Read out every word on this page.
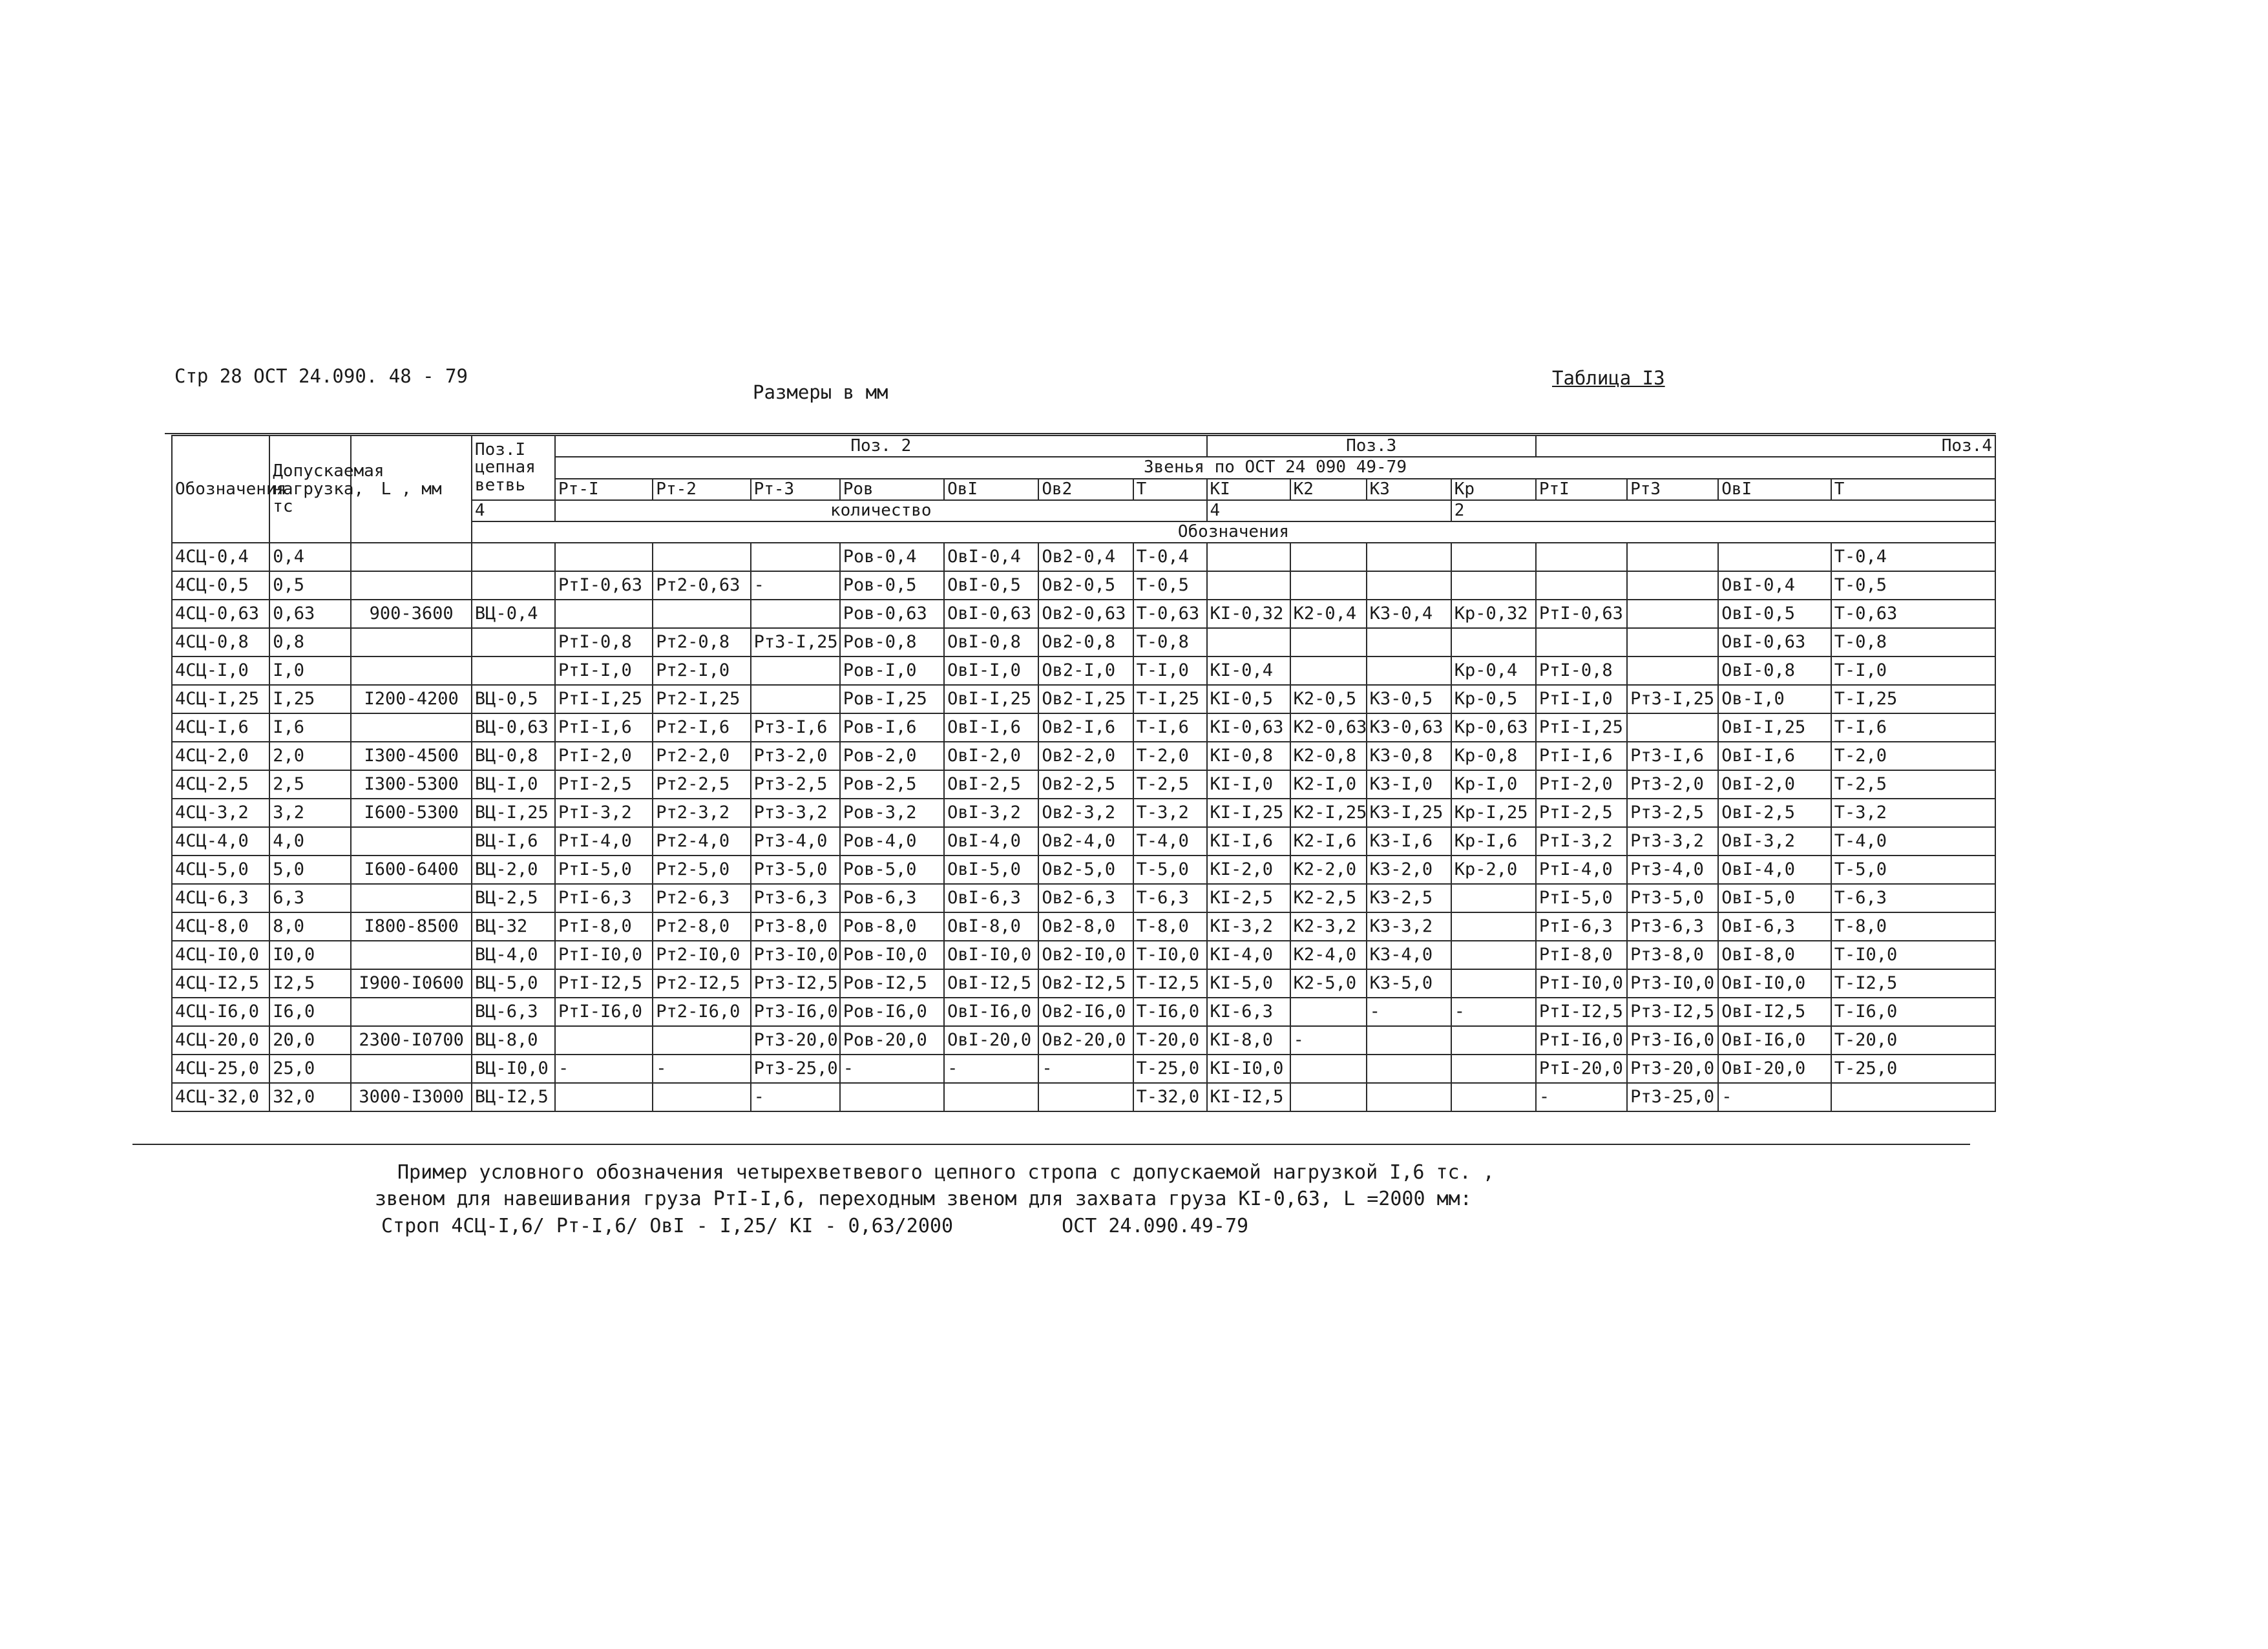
Стр 28 ОСТ 24.090. 48 - 79
Размеры в мм
Таблица I3
Обозначения	Допускаемая нагрузка, тс	L , мм	Поз.I цепная ветвь	Поз. 2							Поз.3				Поз.4			
				Звенья по ОСТ 24 090 49-79														
				Рт-I	Рт-2	Рт-3	Ров	ОвI	Ов2	Т	КI	К2	К3	Кр	РтI	Рт3	ОвI	Т
			4	количество							4			2				
			Обозначения															
4СЦ-0,4	0,4						Ров-0,4	ОвI-0,4	Ов2-0,4	Т-0,4								Т-0,4
4СЦ-0,5	0,5			РтI-0,63	Рт2-0,63	-	Ров-0,5	ОвI-0,5	Ов2-0,5	Т-0,5							ОвI-0,4	Т-0,5
4СЦ-0,63	0,63	900-3600	ВЦ-0,4				Ров-0,63	ОвI-0,63	Ов2-0,63	Т-0,63	КI-0,32	К2-0,4	К3-0,4	Кр-0,32	РтI-0,63		ОвI-0,5	Т-0,63
4СЦ-0,8	0,8			РтI-0,8	Рт2-0,8	Рт3-I,25	Ров-0,8	ОвI-0,8	Ов2-0,8	Т-0,8							ОвI-0,63	Т-0,8
4СЦ-I,0	I,0			РтI-I,0	Рт2-I,0		Ров-I,0	ОвI-I,0	Ов2-I,0	Т-I,0	КI-0,4			Кр-0,4	РтI-0,8		ОвI-0,8	Т-I,0
4СЦ-I,25	I,25	I200-4200	ВЦ-0,5	РтI-I,25	Рт2-I,25		Ров-I,25	ОвI-I,25	Ов2-I,25	Т-I,25	КI-0,5	К2-0,5	К3-0,5	Кр-0,5	РтI-I,0	Рт3-I,25	Ов-I,0	Т-I,25
4СЦ-I,6	I,6		ВЦ-0,63	РтI-I,6	Рт2-I,6	Рт3-I,6	Ров-I,6	ОвI-I,6	Ов2-I,6	Т-I,6	КI-0,63	К2-0,63	К3-0,63	Кр-0,63	РтI-I,25		ОвI-I,25	Т-I,6
4СЦ-2,0	2,0	I300-4500	ВЦ-0,8	РтI-2,0	Рт2-2,0	Рт3-2,0	Ров-2,0	ОвI-2,0	Ов2-2,0	Т-2,0	КI-0,8	К2-0,8	К3-0,8	Кр-0,8	РтI-I,6	Рт3-I,6	ОвI-I,6	Т-2,0
4СЦ-2,5	2,5	I300-5300	ВЦ-I,0	РтI-2,5	Рт2-2,5	Рт3-2,5	Ров-2,5	ОвI-2,5	Ов2-2,5	Т-2,5	КI-I,0	К2-I,0	К3-I,0	Кр-I,0	РтI-2,0	Рт3-2,0	ОвI-2,0	Т-2,5
4СЦ-3,2	3,2	I600-5300	ВЦ-I,25	РтI-3,2	Рт2-3,2	Рт3-3,2	Ров-3,2	ОвI-3,2	Ов2-3,2	Т-3,2	КI-I,25	К2-I,25	К3-I,25	Кр-I,25	РтI-2,5	Рт3-2,5	ОвI-2,5	Т-3,2
4СЦ-4,0	4,0		ВЦ-I,6	РтI-4,0	Рт2-4,0	Рт3-4,0	Ров-4,0	ОвI-4,0	Ов2-4,0	Т-4,0	КI-I,6	К2-I,6	К3-I,6	Кр-I,6	РтI-3,2	Рт3-3,2	ОвI-3,2	Т-4,0
4СЦ-5,0	5,0	I600-6400	ВЦ-2,0	РтI-5,0	Рт2-5,0	Рт3-5,0	Ров-5,0	ОвI-5,0	Ов2-5,0	Т-5,0	КI-2,0	К2-2,0	К3-2,0	Кр-2,0	РтI-4,0	Рт3-4,0	ОвI-4,0	Т-5,0
4СЦ-6,3	6,3		ВЦ-2,5	РтI-6,3	Рт2-6,3	Рт3-6,3	Ров-6,3	ОвI-6,3	Ов2-6,3	Т-6,3	КI-2,5	К2-2,5	К3-2,5		РтI-5,0	Рт3-5,0	ОвI-5,0	Т-6,3
4СЦ-8,0	8,0	I800-8500	ВЦ-32	РтI-8,0	Рт2-8,0	Рт3-8,0	Ров-8,0	ОвI-8,0	Ов2-8,0	Т-8,0	КI-3,2	К2-3,2	К3-3,2		РтI-6,3	Рт3-6,3	ОвI-6,3	Т-8,0
4СЦ-I0,0	I0,0		ВЦ-4,0	РтI-I0,0	Рт2-I0,0	Рт3-I0,0	Ров-I0,0	ОвI-I0,0	Ов2-I0,0	Т-I0,0	КI-4,0	К2-4,0	К3-4,0		РтI-8,0	Рт3-8,0	ОвI-8,0	Т-I0,0
4СЦ-I2,5	I2,5	I900-I0600	ВЦ-5,0	РтI-I2,5	Рт2-I2,5	Рт3-I2,5	Ров-I2,5	ОвI-I2,5	Ов2-I2,5	Т-I2,5	КI-5,0	К2-5,0	К3-5,0		РтI-I0,0	Рт3-I0,0	ОвI-I0,0	Т-I2,5
4СЦ-I6,0	I6,0		ВЦ-6,3	РтI-I6,0	Рт2-I6,0	Рт3-I6,0	Ров-I6,0	ОвI-I6,0	Ов2-I6,0	Т-I6,0	КI-6,3		-	-	РтI-I2,5	Рт3-I2,5	ОвI-I2,5	Т-I6,0
4СЦ-20,0	20,0	2300-I0700	ВЦ-8,0			Рт3-20,0	Ров-20,0	ОвI-20,0	Ов2-20,0	Т-20,0	КI-8,0	-			РтI-I6,0	Рт3-I6,0	ОвI-I6,0	Т-20,0
4СЦ-25,0	25,0		ВЦ-I0,0	-	-	Рт3-25,0	-	-	-	Т-25,0	КI-I0,0				РтI-20,0	Рт3-20,0	ОвI-20,0	Т-25,0
4СЦ-32,0	32,0	3000-I3000	ВЦ-I2,5			-				Т-32,0	КI-I2,5				-	Рт3-25,0	-	
Пример условного обозначения четырехветвевого цепного стропа с допускаемой нагрузкой I,6 тс. ,
звеном для навешивания груза РтI-I,6, переходным звеном для захвата груза КI-0,63, L =2000 мм:
Строп 4СЦ-I,6/ Рт-I,6/ ОвI - I,25/ КI - 0,63/2000	ОСТ 24.090.49-79
